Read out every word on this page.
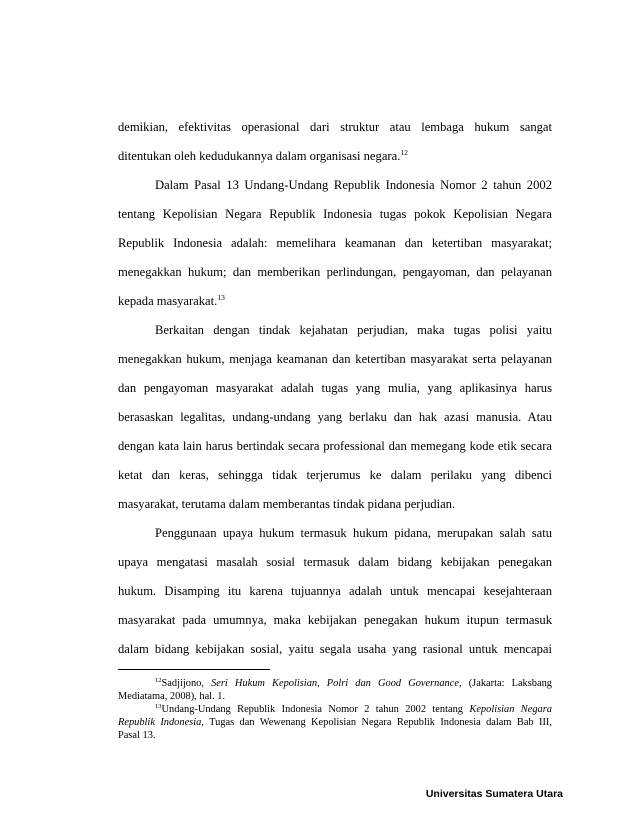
demikian, efektivitas operasional dari struktur atau lembaga hukum sangat
ditentukan oleh kedudukannya dalam organisasi negara.$^{12}$
Dalam Pasal 13 Undang-Undang Republik Indonesia Nomor 2 tahun 2002
tentang Kepolisian Negara Republik Indonesia tugas pokok Kepolisian Negara
Republik Indonesia adalah: memelihara keamanan dan ketertiban masyarakat;
menegakkan hukum; dan memberikan perlindungan, pengayoman, dan pelayanan
kepada masyarakat.$^{13}$
Berkaitan dengan tindak kejahatan perjudian, maka tugas polisi yaitu
menegakkan hukum, menjaga keamanan dan ketertiban masyarakat serta pelayanan
dan pengayoman masyarakat adalah tugas yang mulia, yang aplikasinya harus
berasaskan legalitas, undang-undang yang berlaku dan hak azasi manusia. Atau
dengan kata lain harus bertindak secara professional dan memegang kode etik secara
ketat dan keras, sehingga tidak terjerumus ke dalam perilaku yang dibenci
masyarakat, terutama dalam memberantas tindak pidana perjudian.
Penggunaan upaya hukum termasuk hukum pidana, merupakan salah satu
upaya mengatasi masalah sosial termasuk dalam bidang kebijakan penegakan
hukum. Disamping itu karena tujuannya adalah untuk mencapai kesejahteraan
masyarakat pada umumnya, maka kebijakan penegakan hukum itupun termasuk
dalam bidang kebijakan sosial, yaitu segala usaha yang rasional untuk mencapai
$^{12}$Sadjijono, Seri Hukum Kepolisian, Polri dan Good Governance, (Jakarta: Laksbang
Mediatama, 2008), hal. 1.
$^{13}$Undang-Undang Republik Indonesia Nomor 2 tahun 2002 tentang Kepolisian Negara
Republik Indonesia, Tugas dan Wewenang Kepolisian Negara Republik Indonesia dalam Bab III,
Pasal 13.
Universitas Sumatera Utara
